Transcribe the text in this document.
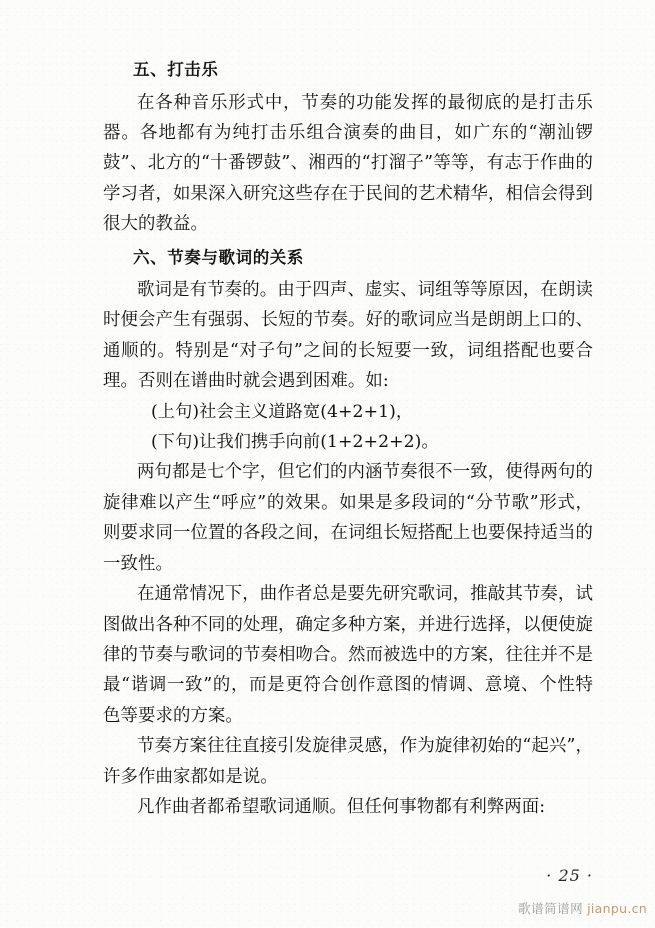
五、打击乐

在各种音乐形式中，节奏的功能发挥的最彻底的是打击乐器。各地都有为纯打击乐组合演奏的曲目，如广东的“潮汕锣鼓”、北方的“十番锣鼓”、湘西的“打溜子”等等，有志于作曲的学习者，如果深入研究这些存在于民间的艺术精华，相信会得到很大的教益。

六、节奏与歌词的关系

歌词是有节奏的。由于四声、虚实、词组等等原因，在朗读时便会产生有强弱、长短的节奏。好的歌词应当是朗朗上口的、通顺的。特别是“对子句”之间的长短要一致，词组搭配也要合理。否则在谱曲时就会遇到困难。如:

(上句)社会主义道路宽(4+2+1)，

(下句)让我们携手向前(1+2+2+2)。

两句都是七个字，但它们的内涵节奏很不一致，使得两句的旋律难以产生“呼应”的效果。如果是多段词的“分节歌”形式，则要求同一位置的各段之间，在词组长短搭配上也要保持适当的一致性。

在通常情况下，曲作者总是要先研究歌词，推敲其节奏，试图做出各种不同的处理，确定多种方案，并进行选择，以便使旋律的节奏与歌词的节奏相吻合。然而被选中的方案，往往并不是最“谐调一致”的，而是更符合创作意图的情调、意境、个性特色等要求的方案。

节奏方案往往直接引发旋律灵感，作为旋律初始的“起兴”，许多作曲家都如是说。

凡作曲者都希望歌词通顺。但任何事物都有利弊两面:

· 25 ·
歌谱简谱网 jianpu.cn
